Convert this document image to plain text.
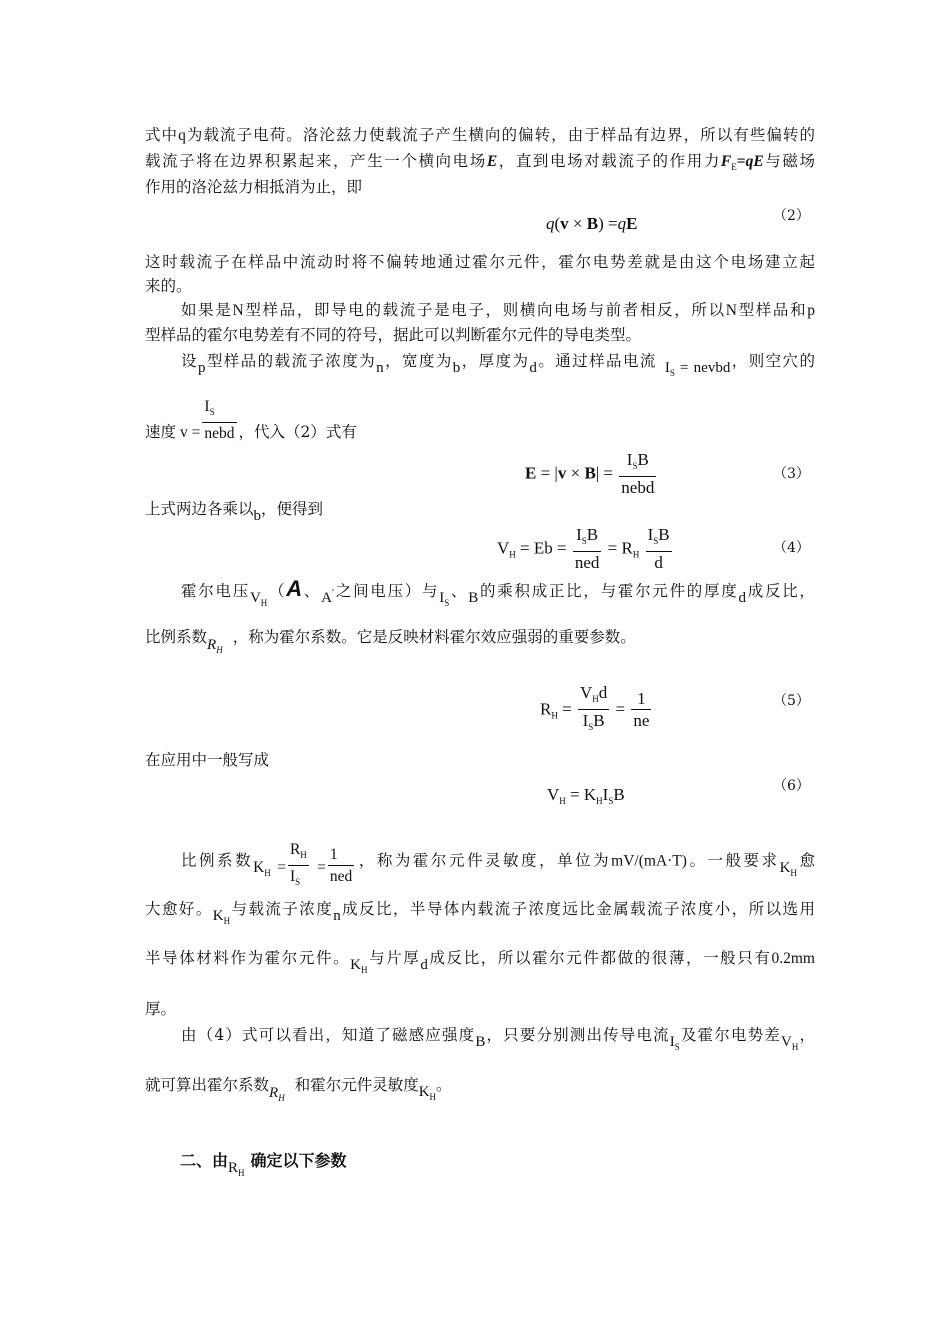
式中q为载流子电荷。洛沦兹力使载流子产生横向的偏转，由于样品有边界，所以有些偏转的
载流子将在边界积累起来，产生一个横向电场E，直到电场对载流子的作用力$F_E=qE$与磁场
作用的洛沦兹力相抵消为止，即
q(v × B) =qE	（2）
这时载流子在样品中流动时将不偏转地通过霍尔元件，霍尔电势差就是由这个电场建立起
来的。
如果是N型样品，即导电的载流子是电子，则横向电场与前者相反，所以N型样品和p
型样品的霍尔电势差有不同的符号，据此可以判断霍尔元件的导电类型。
设p型样品的载流子浓度为n，宽度为b，厚度为d。通过样品电流 $I_S$ = nevbd，则空穴的
速度 $v = \frac{I_S}{\text{nebd}}$ ，代入（2）式有
$E = |v \times B| = \frac{I_SB}{\text{nebd}}$	（3）
上式两边各乘以b，便得到
$V_H = Eb = \frac{I_SB}{\text{ned}} = R_H \frac{I_SB}{d}$	（4）
霍尔电压$V_H(A$、A′之间电压）与$I_S$、B的乘积成正比，与霍尔元件的厚度d成反比，
比例系数$R_H$，称为霍尔系数。它是反映材料霍尔效应强弱的重要参数。
$R_H = \frac{V_Hd}{I_SB} = \frac{1}{ne}$	（5）
在应用中一般写成
$V_H = K_HI_SB$	（6）
比例系数$K_H = \frac{R_H}{I_S} = \frac{1}{\text{ned}}$ ，称为霍尔元件灵敏度，单位为mV/(mA·T)。一般要求$K_H$愈
大愈好。$K_H$与载流子浓度n成反比，半导体内载流子浓度远比金属载流子浓度小，所以选用
半导体材料作为霍尔元件。$K_H$与片厚d成反比，所以霍尔元件都做的很薄，一般只有0.2mm
厚。
由（4）式可以看出，知道了磁感应强度B，只要分别测出传导电流$I_S$及霍尔电势差$V_H$，
就可算出霍尔系数$R_H$和霍尔元件灵敏度$K_H$。
二、由$R_H$确定以下参数
